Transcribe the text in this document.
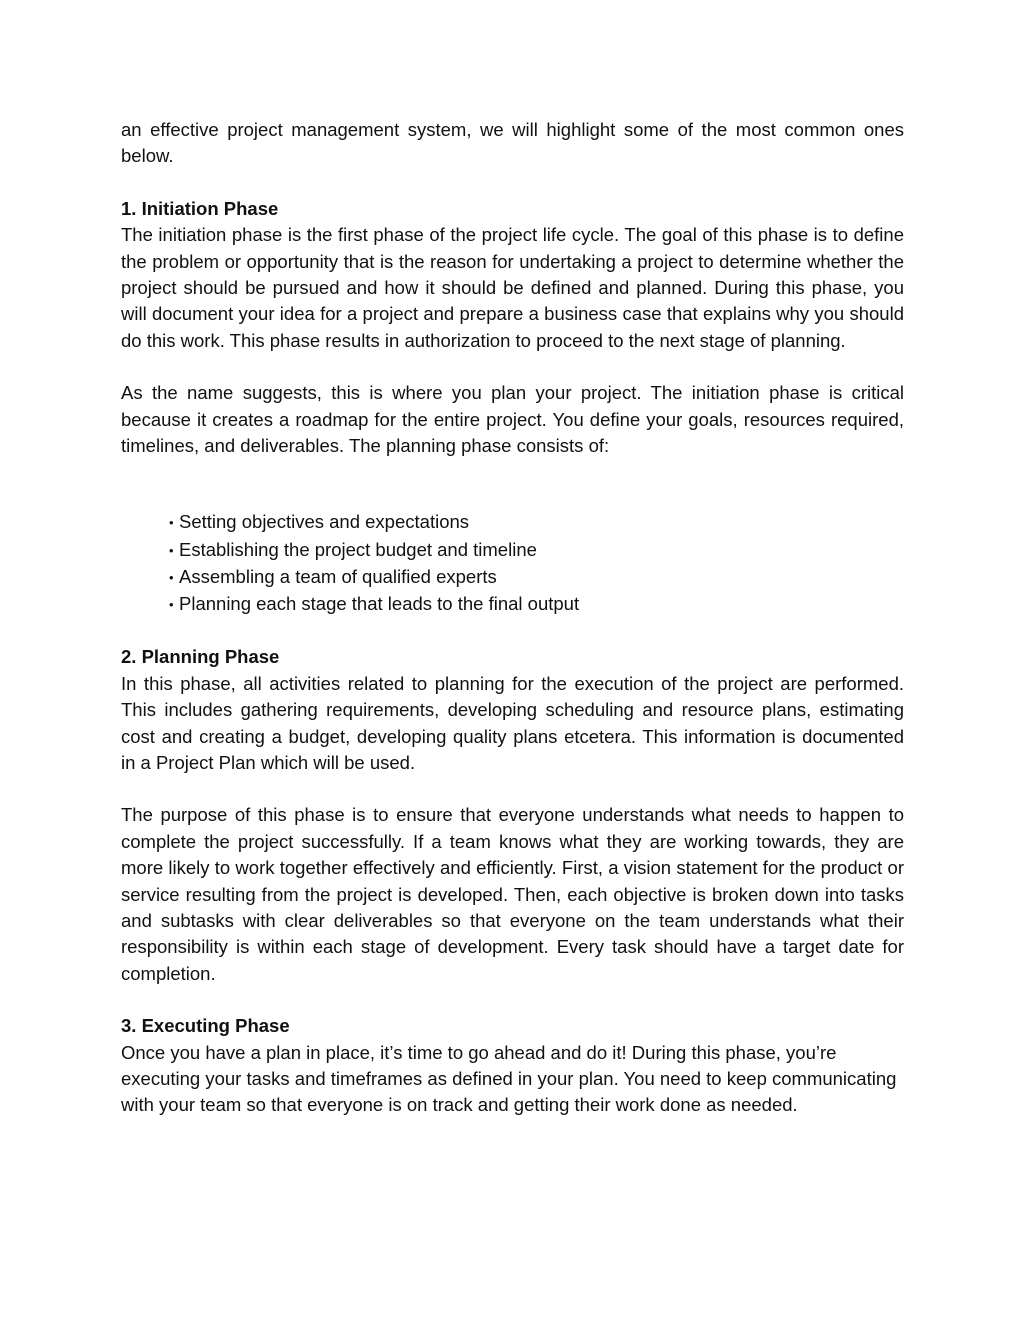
an effective project management system, we will highlight some of the most common ones below.

1. Initiation Phase

The initiation phase is the first phase of the project life cycle. The goal of this phase is to define the problem or opportunity that is the reason for undertaking a project to determine whether the project should be pursued and how it should be defined and planned. During this phase, you will document your idea for a project and prepare a business case that explains why you should do this work. This phase results in authorization to proceed to the next stage of planning.

As the name suggests, this is where you plan your project. The initiation phase is critical because it creates a roadmap for the entire project. You define your goals, resources required, timelines, and deliverables. The planning phase consists of:

• Setting objectives and expectations
• Establishing the project budget and timeline
• Assembling a team of qualified experts
• Planning each stage that leads to the final output

2. Planning Phase

In this phase, all activities related to planning for the execution of the project are performed. This includes gathering requirements, developing scheduling and resource plans, estimating cost and creating a budget, developing quality plans etcetera. This information is documented in a Project Plan which will be used.

The purpose of this phase is to ensure that everyone understands what needs to happen to complete the project successfully. If a team knows what they are working towards, they are more likely to work together effectively and efficiently. First, a vision statement for the product or service resulting from the project is developed. Then, each objective is broken down into tasks and subtasks with clear deliverables so that everyone on the team understands what their responsibility is within each stage of development. Every task should have a target date for completion.

3. Executing Phase

Once you have a plan in place, it’s time to go ahead and do it! During this phase, you’re executing your tasks and timeframes as defined in your plan. You need to keep communicating with your team so that everyone is on track and getting their work done as needed.
